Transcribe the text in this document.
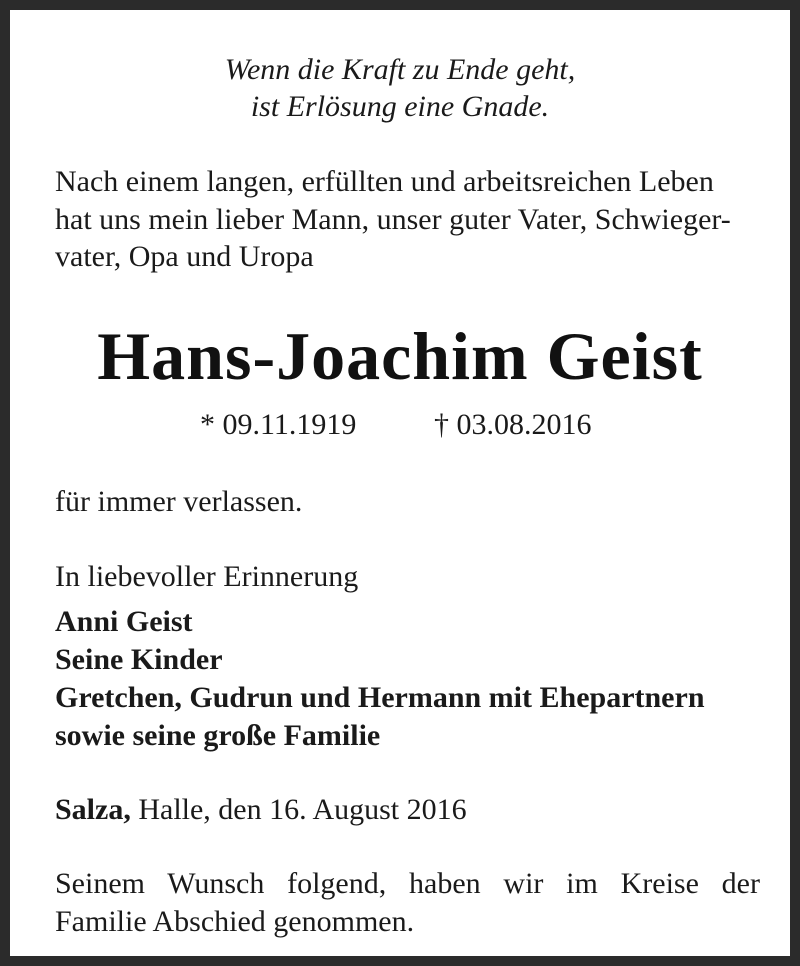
Wenn die Kraft zu Ende geht,
ist Erlösung eine Gnade.
Nach einem langen, erfüllten und arbeitsreichen Leben
hat uns mein lieber Mann, unser guter Vater, Schwieger-
vater, Opa und Uropa
Hans-Joachim Geist
* 09.11.1919	† 03.08.2016
für immer verlassen.
In liebevoller Erinnerung
Anni Geist
Seine Kinder
Gretchen, Gudrun und Hermann mit Ehepartnern
sowie seine große Familie
Salza, Halle, den 16. August 2016
Seinem Wunsch folgend, haben wir im Kreise der
Familie Abschied genommen.
